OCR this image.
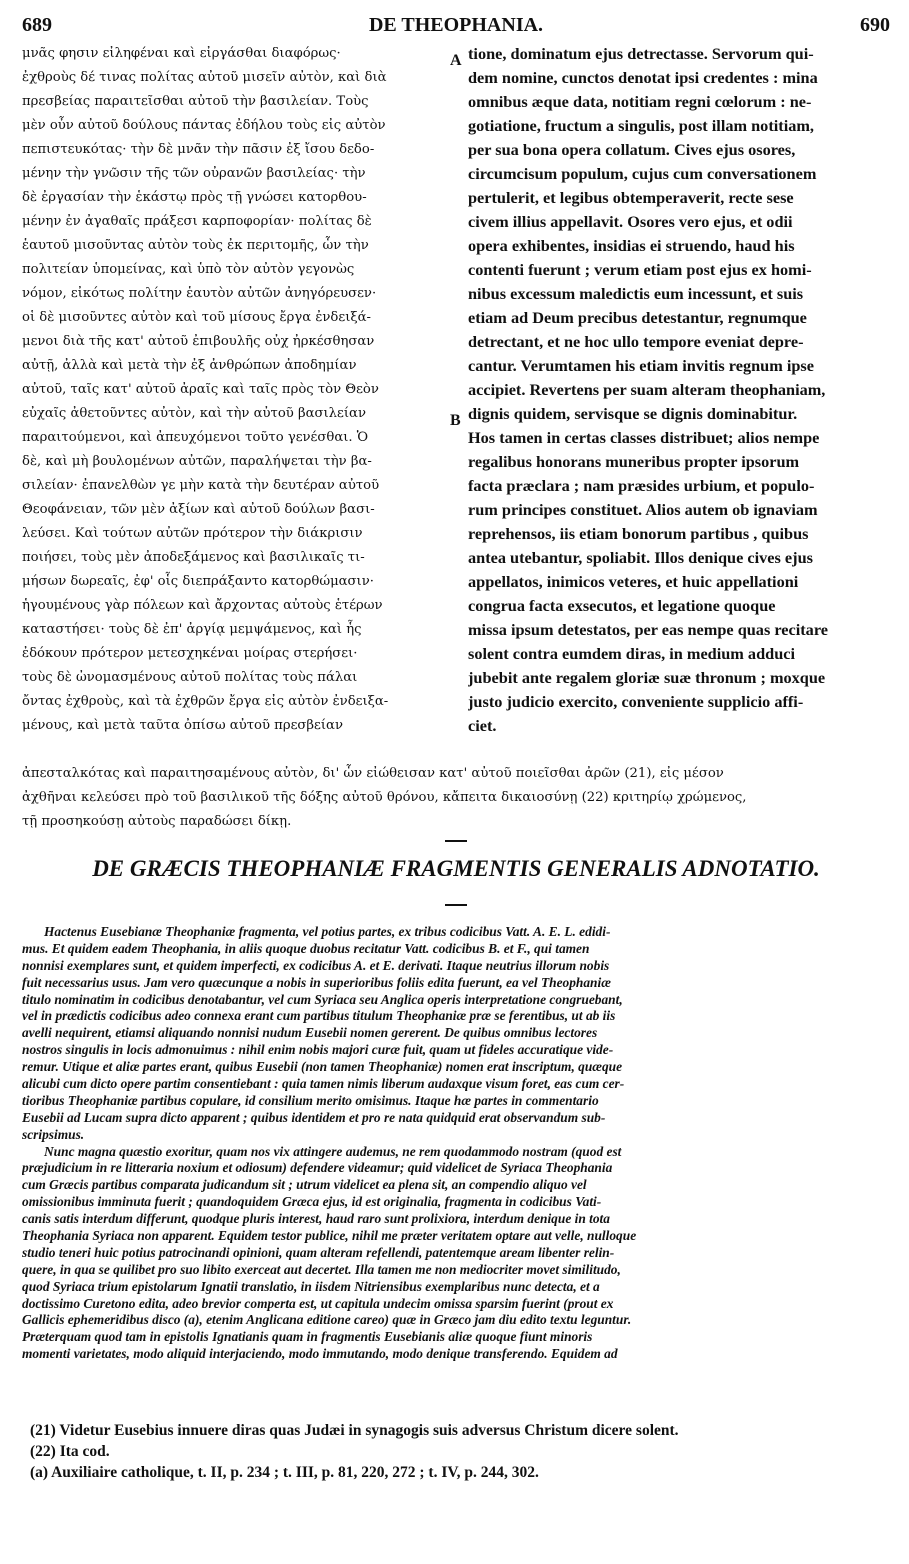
689	DE THEOPHANIA.	690
μνᾶς φησιν εἰληφέναι καὶ εἰργάσθαι διαφόρως·
ἐχθροὺς δέ τινας πολίτας αὐτοῦ μισεῖν αὐτὸν, καὶ διὰ
πρεσβείας παραιτεῖσθαι αὐτοῦ τὴν βασιλείαν. Τοὺς
μὲν οὖν αὐτοῦ δούλους πάντας ἐδήλου τοὺς εἰς αὐτὸν
πεπιστευκότας· τὴν δὲ μνᾶν τὴν πᾶσιν ἐξ ἴσου δεδο-
μένην τὴν γνῶσιν τῆς τῶν οὐρανῶν βασιλείας· τὴν
δὲ ἐργασίαν τὴν ἑκάστῳ πρὸς τῇ γνώσει κατορθου-
μένην ἐν ἀγαθαῖς πράξεσι καρποφορίαν· πολίτας δὲ
ἑαυτοῦ μισοῦντας αὐτὸν τοὺς ἐκ περιτομῆς, ὧν τὴν
πολιτείαν ὑπομείνας, καὶ ὑπὸ τὸν αὐτὸν γεγονὼς
νόμον, εἰκότως πολίτην ἑαυτὸν αὐτῶν ἀνηγόρευσεν·
οἱ δὲ μισοῦντες αὐτὸν καὶ τοῦ μίσους ἔργα ἐνδειξά-
μενοι διὰ τῆς κατ' αὐτοῦ ἐπιβουλῆς οὐχ ἠρκέσθησαν
αὐτῇ, ἀλλὰ καὶ μετὰ τὴν ἐξ ἀνθρώπων ἀποδημίαν
αὐτοῦ, ταῖς κατ' αὐτοῦ ἀραῖς καὶ ταῖς πρὸς τὸν Θεὸν
εὐχαῖς ἀθετοῦντες αὐτὸν, καὶ τὴν αὐτοῦ βασιλείαν
παραιτούμενοι, καὶ ἀπευχόμενοι τοῦτο γενέσθαι. Ὁ
δὲ, καὶ μὴ βουλομένων αὐτῶν, παραλήψεται τὴν βα-
σιλείαν· ἐπανελθὼν γε μὴν κατὰ τὴν δευτέραν αὐτοῦ
Θεοφάνειαν, τῶν μὲν ἀξίων καὶ αὐτοῦ δούλων βασι-
λεύσει. Καὶ τούτων αὐτῶν πρότερον τὴν διάκρισιν
ποιήσει, τοὺς μὲν ἀποδεξάμενος καὶ βασιλικαῖς τι-
μήσων δωρεαῖς, ἐφ' οἷς διεπράξαντο κατορθώμασιν·
ἡγουμένους γὰρ πόλεων καὶ ἄρχοντας αὐτοὺς ἑτέρων
καταστήσει· τοὺς δὲ ἐπ' ἀργίᾳ μεμψάμενος, καὶ ἧς
ἐδόκουν πρότερον μετεσχηκέναι μοίρας στερήσει·
τοὺς δὲ ὠνομασμένους αὐτοῦ πολίτας τοὺς πάλαι
ὄντας ἐχθροὺς, καὶ τὰ ἐχθρῶν ἔργα εἰς αὐτὸν ἐνδειξα-
μένους, καὶ μετὰ ταῦτα ὀπίσω αὐτοῦ πρεσβείαν
tione, dominatum ejus detrectasse. Servorum qui-
dem nomine, cunctos denotat ipsi credentes : mina
omnibus æque data, notitiam regni cœlorum : ne-
gotiatione, fructum a singulis, post illam notitiam,
per sua bona opera collatum. Cives ejus osores,
circumcisum populum, cujus cum conversationem
pertulerit, et legibus obtemperaverit, recte sese
civem illius appellavit. Osores vero ejus, et odii
opera exhibentes, insidias ei struendo, haud his
contenti fuerunt ; verum etiam post ejus ex homi-
nibus excessum maledictis eum incessunt, et suis
etiam ad Deum precibus detestantur, regnumque
detrectant, et ne hoc ullo tempore eveniat depre-
cantur. Verumtamen his etiam invitis regnum ipse
accipiet. Revertens per suam alteram theophaniam,
dignis quidem, servisque se dignis dominabitur.
Hos tamen in certas classes distribuet; alios nempe
regalibus honorans muneribus propter ipsorum
facta præclara ; nam præsides urbium, et populo-
rum principes constituet. Alios autem ob ignaviam
reprehensos, iis etiam bonorum partibus , quibus
antea utebantur, spoliabit. Illos denique cives ejus
appellatos, inimicos veteres, et huic appellationi
congrua facta exsecutos, et legatione quoque
missa ipsum detestatos, per eas nempe quas recitare
solent contra eumdem diras, in medium adduci
jubebit ante regalem gloriæ suæ thronum ; moxque
justo judicio exercito, conveniente supplicio affi-
ciet.
A
B
ἀπεσταλκότας καὶ παραιτησαμένους αὐτὸν, δι' ὧν εἰώθεισαν κατ' αὐτοῦ ποιεῖσθαι ἀρῶν (21), εἰς μέσον
ἀχθῆναι κελεύσει πρὸ τοῦ βασιλικοῦ τῆς δόξης αὐτοῦ θρόνου, κἄπειτα δικαιοσύνῃ (22) κριτηρίῳ χρώμενος,
τῇ προσηκούσῃ αὐτοὺς παραδώσει δίκῃ.
DE GRÆCIS THEOPHANIÆ FRAGMENTIS GENERALIS ADNOTATIO.
Hactenus Eusebianæ Theophaniæ fragmenta, vel potius partes, ex tribus codicibus Vatt. A. E. L. edidi-
mus. Et quidem eadem Theophania, in aliis quoque duobus recitatur Vatt. codicibus B. et F., qui tamen
nonnisi exemplares sunt, et quidem imperfecti, ex codicibus A. et E. derivati. Itaque neutrius illorum nobis
fuit necessarius usus. Jam vero quæcunque a nobis in superioribus foliis edita fuerunt, ea vel Theophaniæ
titulo nominatim in codicibus denotabantur, vel cum Syriaca seu Anglica operis interpretatione congruebant,
vel in prædictis codicibus adeo connexa erant cum partibus titulum Theophaniæ præ se ferentibus, ut ab iis
avelli nequirent, etiamsi aliquando nonnisi nudum Eusebii nomen gererent. De quibus omnibus lectores
nostros singulis in locis admonuimus : nihil enim nobis majori curæ fuit, quam ut fideles accuratique vide-
remur. Utique et aliæ partes erant, quibus Eusebii (non tamen Theophaniæ) nomen erat inscriptum, quæque
alicubi cum dicto opere partim consentiebant : quia tamen nimis liberum audaxque visum foret, eas cum cer-
tioribus Theophaniæ partibus copulare, id consilium merito omisimus. Itaque hæ partes in commentario
Eusebii ad Lucam supra dicto apparent ; quibus identidem et pro re nata quidquid erat observandum sub-
scripsimus.
Nunc magna quæstio exoritur, quam nos vix attingere audemus, ne rem quodammodo nostram (quod est
præjudicium in re litteraria noxium et odiosum) defendere videamur; quid videlicet de Syriaca Theophania
cum Græcis partibus comparata judicandum sit ; utrum videlicet ea plena sit, an compendio aliquo vel
omissionibus imminuta fuerit ; quandoquidem Græca ejus, id est originalia, fragmenta in codicibus Vati-
canis satis interdum differunt, quodque pluris interest, haud raro sunt prolixiora, interdum denique in tota
Theophania Syriaca non apparent. Equidem testor publice, nihil me præter veritatem optare aut velle, nulloque
studio teneri huic potius patrocinandi opinioni, quam alteram refellendi, patentemque aream libenter relin-
quere, in qua se quilibet pro suo libito exerceat aut decertet. Illa tamen me non mediocriter movet similitudo,
quod Syriaca trium epistolarum Ignatii translatio, in iisdem Nitriensibus exemplaribus nunc detecta, et a
doctissimo Curetono edita, adeo brevior comperta est, ut capitula undecim omissa sparsim fuerint (prout ex
Gallicis ephemeridibus disco (a), etenim Anglicana editione careo) quæ in Græco jam diu edito textu leguntur.
Præterquam quod tam in epistolis Ignatianis quam in fragmentis Eusebianis aliæ quoque fiunt minoris
momenti varietates, modo aliquid interjaciendo, modo immutando, modo denique transferendo. Equidem ad
(21) Videtur Eusebius innuere diras quas Judæi in synagogis suis adversus Christum dicere solent.
(22) Ita cod.
(a) Auxiliaire catholique, t. II, p. 234 ; t. III, p. 81, 220, 272 ; t. IV, p. 244, 302.
